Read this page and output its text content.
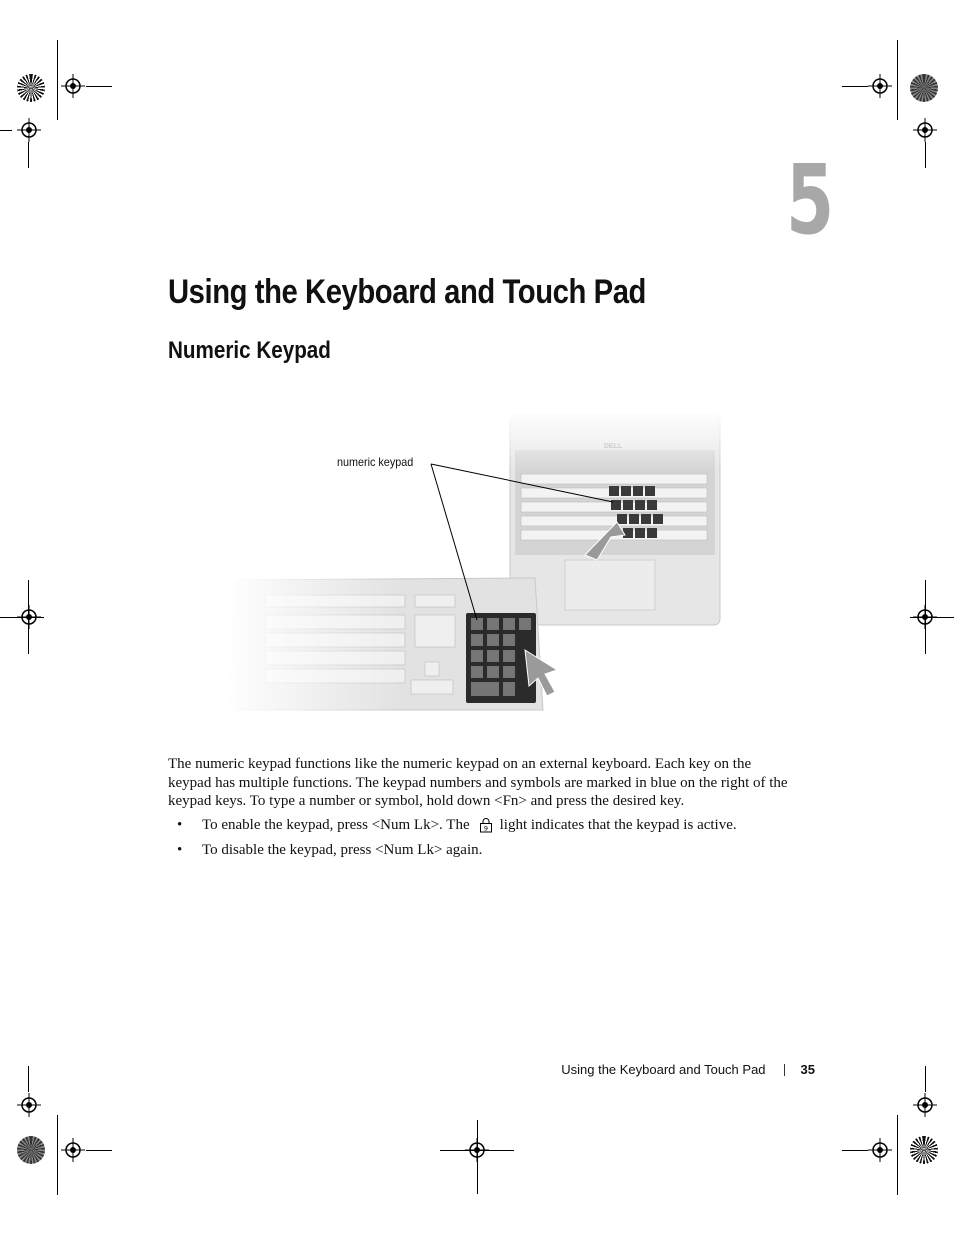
5
Using the Keyboard and Touch Pad
Numeric Keypad
numeric keypad

The numeric keypad functions like the numeric keypad on an external keyboard. Each key on the keypad has multiple functions. The keypad numbers and symbols are marked in blue on the right of the keypad keys. To type a number or symbol, hold down <Fn> and press the desired key.

• To enable the keypad, press <Num Lk>. The 9 light indicates that the keypad is active.
• To disable the keypad, press <Num Lk> again.
Using the Keyboard and Touch Pad	35
